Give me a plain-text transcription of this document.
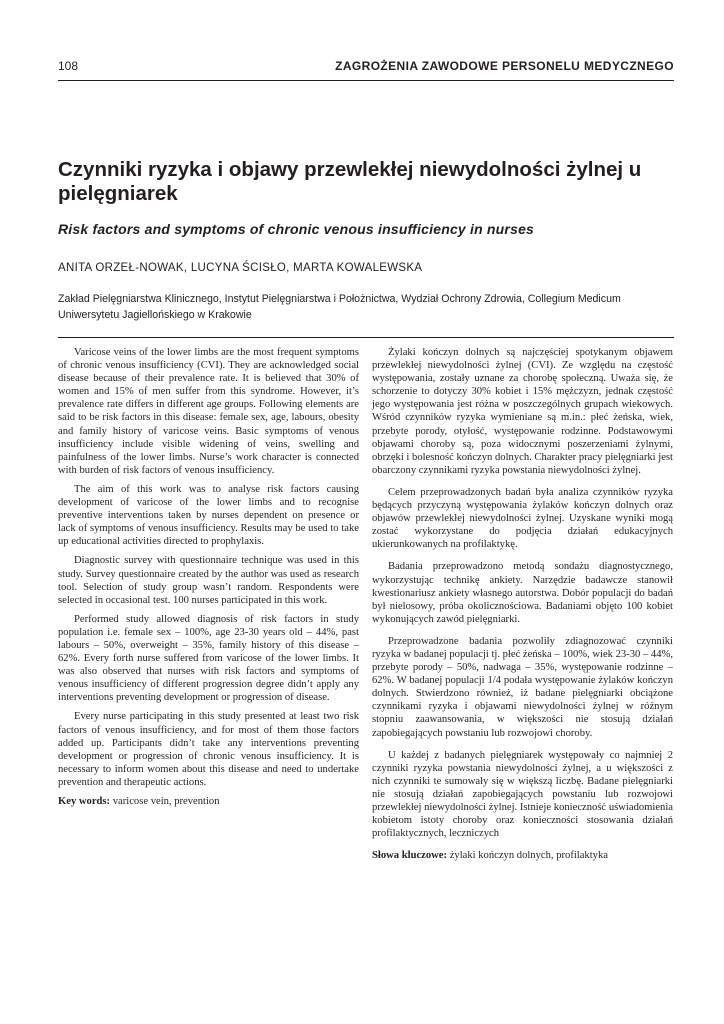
108	ZAGROŻENIA ZAWODOWE PERSONELU MEDYCZNEGO
Czynniki ryzyka i objawy przewlekłej niewydolności żylnej u pielęgniarek
Risk factors and symptoms of chronic venous insufficiency in nurses
ANITA ORZEŁ-NOWAK, LUCYNA ŚCISŁO, MARTA KOWALEWSKA
Zakład Pielęgniarstwa Klinicznego, Instytut Pielęgniarstwa i Położnictwa, Wydział Ochrony Zdrowia, Collegium Medicum Uniwersytetu Jagiellońskiego w Krakowie

Varicose veins of the lower limbs are the most frequent symptoms of chronic venous insufficiency (CVI). They are acknowledged social disease because of their prevalence rate. It is believed that 30% of women and 15% of men suffer from this syndrome. However, it’s prevalence rate differs in different age groups. Following elements are said to be risk factors in this disease: female sex, age, labours, obesity and family history of varicose veins. Basic symptoms of venous insufficiency include visible widening of veins, swelling and painfulness of the lower limbs. Nurse’s work character is connected with burden of risk factors of venous insufficiency.

The aim of this work was to analyse risk factors causing development of varicose of the lower limbs and to recognise preventive interventions taken by nurses dependent on presence or lack of symptoms of venous insufficiency. Results may be used to take up educational activities directed to prophylaxis.

Diagnostic survey with questionnaire technique was used in this study. Survey questionnaire created by the author was used as research tool. Selection of study group wasn’t random. Respondents were selected in occasional test. 100 nurses participated in this work.

Performed study allowed diagnosis of risk factors in study population i.e. female sex – 100%, age 23-30 years old – 44%, past labours – 50%, overweight – 35%, family history of this disease – 62%. Every forth nurse suffered from varicose of the lower limbs. It was also observed that nurses with risk factors and symptoms of venous insufficiency of different progression degree didn’t apply any interventions preventing development or progression of disease.

Every nurse participating in this study presented at least two risk factors of venous insufficiency, and for most of them those factors added up. Participants didn’t take any interventions preventing development or progression of chronic venous insufficiency. It is necessary to inform women about this disease and need to undertake prevention and therapeutic actions.

Key words: varicose vein, prevention

Żylaki kończyn dolnych są najczęściej spotykanym objawem przewlekłej niewydolności żylnej (CVI). Ze względu na częstość występowania, zostały uznane za chorobę społeczną. Uważa się, że schorzenie to dotyczy 30% kobiet i 15% mężczyzn, jednak częstość jego występowania jest różna w poszczególnych grupach wiekowych. Wśród czynników ryzyka wymieniane są m.in.: płeć żeńska, wiek, przebyte porody, otyłość, występowanie rodzinne. Podstawowymi objawami choroby są, poza widocznymi poszerzeniami żylnymi, obrzęki i bolesność kończyn dolnych. Charakter pracy pielęgniarki jest obarczony czynnikami ryzyka powstania niewydolności żylnej.

Celem przeprowadzonych badań była analiza czynników ryzyka będących przyczyną występowania żylaków kończyn dolnych oraz objawów przewlekłej niewydolności żylnej. Uzyskane wyniki mogą zostać wykorzystane do podjęcia działań edukacyjnych ukierunkowanych na profilaktykę.

Badania przeprowadzono metodą sondażu diagnostycznego, wykorzystując technikę ankiety. Narzędzie badawcze stanowił kwestionariusz ankiety własnego autorstwa. Dobór populacji do badań był nielosowy, próba okolicznościowa. Badaniami objęto 100 kobiet wykonujących zawód pielęgniarki.

Przeprowadzone badania pozwoliły zdiagnozować czynniki ryzyka w badanej populacji tj. płeć żeńska – 100%, wiek 23-30 – 44%, przebyte porody – 50%, nadwaga – 35%, występowanie rodzinne – 62%. W badanej populacji 1/4 podała występowanie żylaków kończyn dolnych. Stwierdzono również, iż badane pielęgniarki obciążone czynnikami ryzyka i objawami niewydolności żylnej w różnym stopniu zaawansowania, w większości nie stosują działań zapobiegających powstaniu lub rozwojowi choroby.

U każdej z badanych pielęgniarek występowały co najmniej 2 czynniki ryzyka powstania niewydolności żylnej, a u większości z nich czynniki te sumowały się w większą liczbę. Badane pielęgniarki nie stosują działań zapobiegających powstaniu lub rozwojowi przewlekłej niewydolności żylnej. Istnieje konieczność uświadomienia kobietom istoty choroby oraz konieczności stosowania działań profilaktycznych, leczniczych

Słowa kluczowe: żylaki kończyn dolnych, profilaktyka
